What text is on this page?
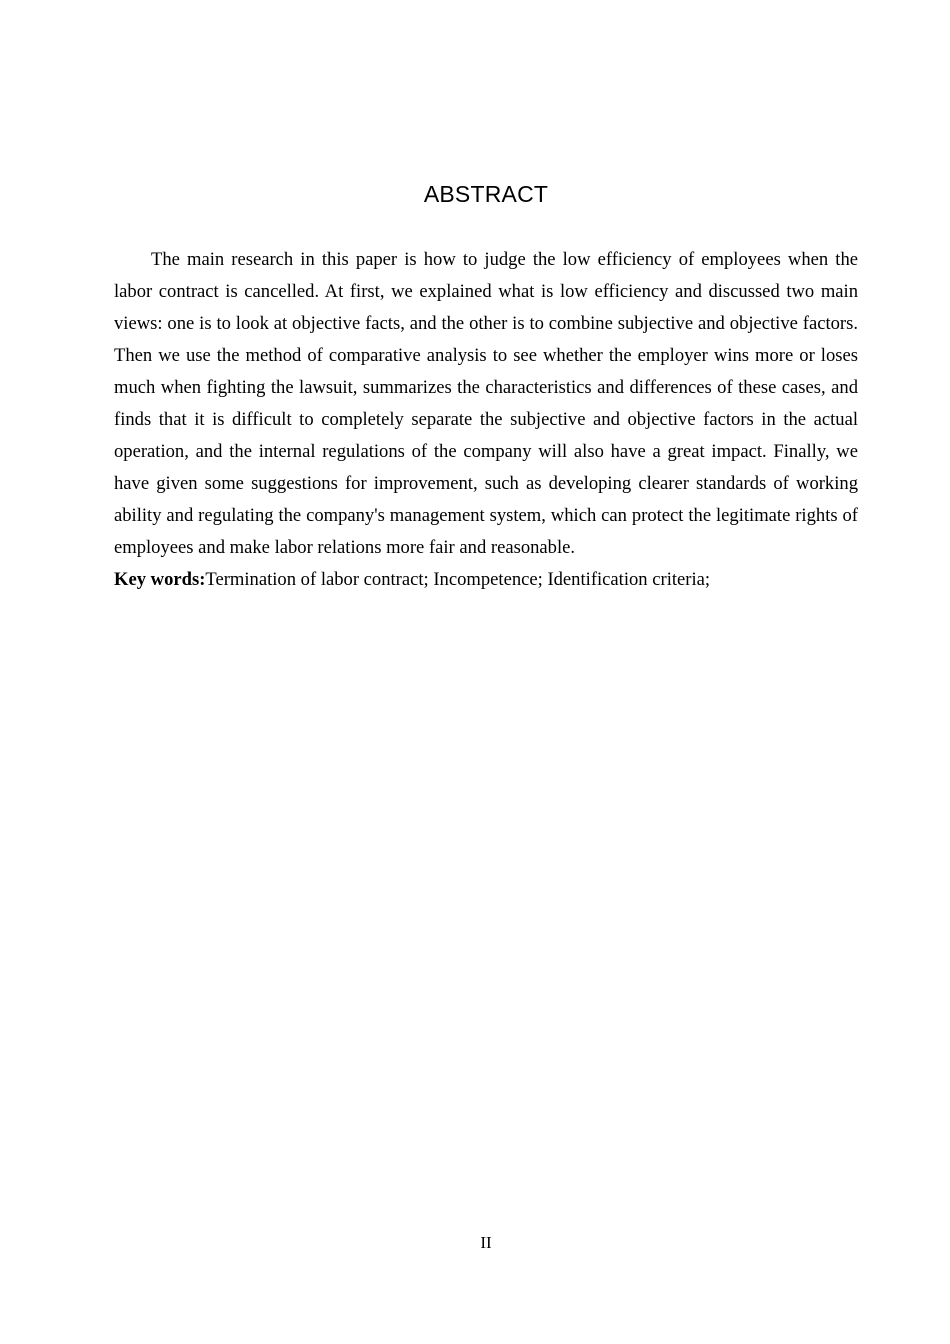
ABSTRACT

The main research in this paper is how to judge the low efficiency of employees when the labor contract is cancelled. At first, we explained what is low efficiency and discussed two main views: one is to look at objective facts, and the other is to combine subjective and objective factors. Then we use the method of comparative analysis to see whether the employer wins more or loses much when fighting the lawsuit, summarizes the characteristics and differences of these cases, and finds that it is difficult to completely separate the subjective and objective factors in the actual operation, and the internal regulations of the company will also have a great impact. Finally, we have given some suggestions for improvement, such as developing clearer standards of working ability and regulating the company's management system, which can protect the legitimate rights of employees and make labor relations more fair and reasonable.

Key words:Termination of labor contract; Incompetence; Identification criteria;

II
